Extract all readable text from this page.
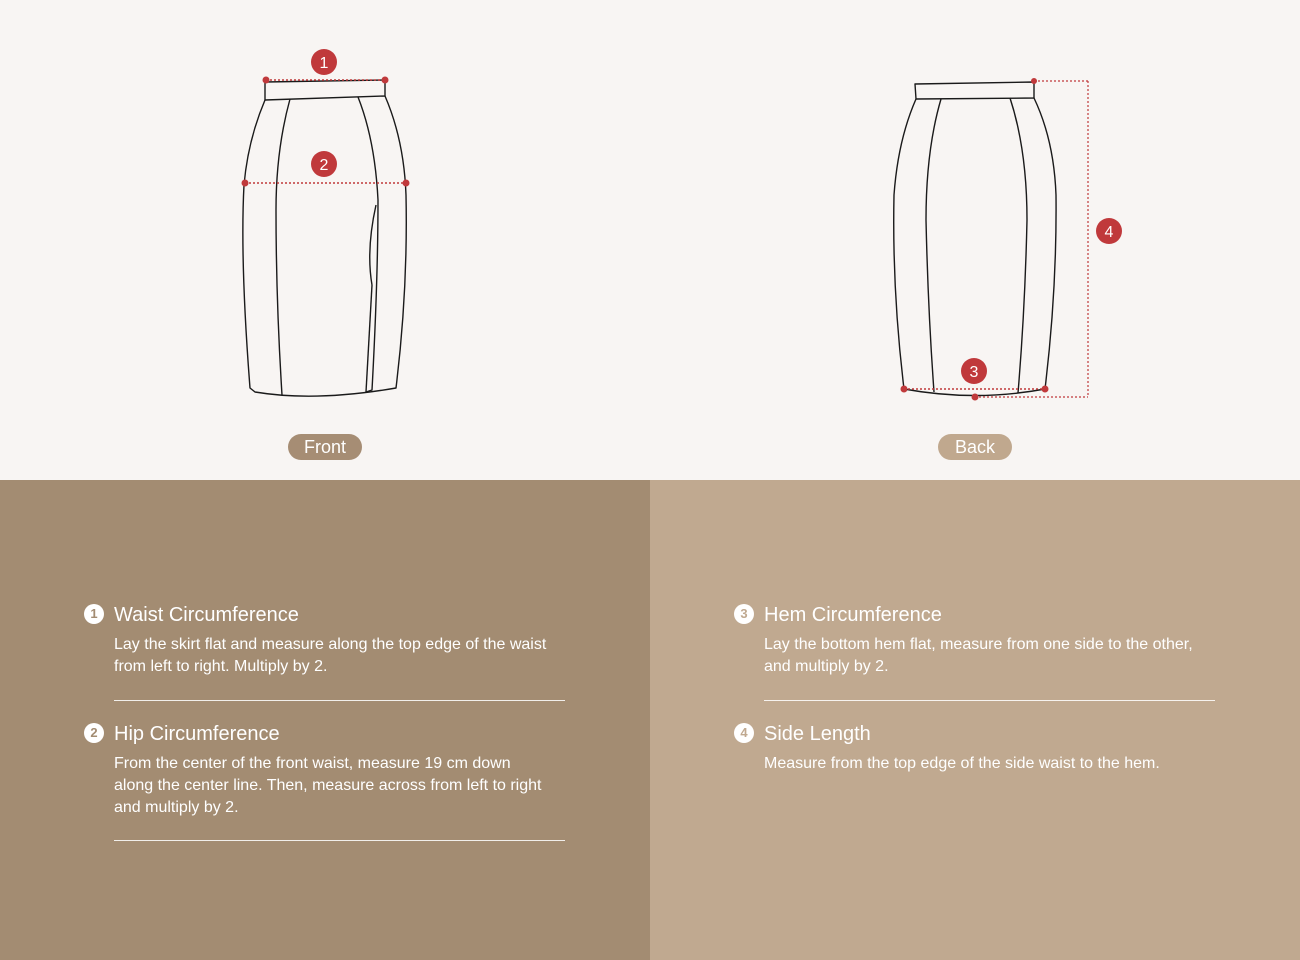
1
2
3
4
Front	Back
1 Waist Circumference
Lay the skirt flat and measure along the top edge of the waist from left to right. Multiply by 2.
2 Hip Circumference
From the center of the front waist, measure 19 cm down along the center line. Then, measure across from left to right and multiply by 2.
3 Hem Circumference
Lay the bottom hem flat, measure from one side to the other, and multiply by 2.
4 Side Length
Measure from the top edge of the side waist to the hem.
